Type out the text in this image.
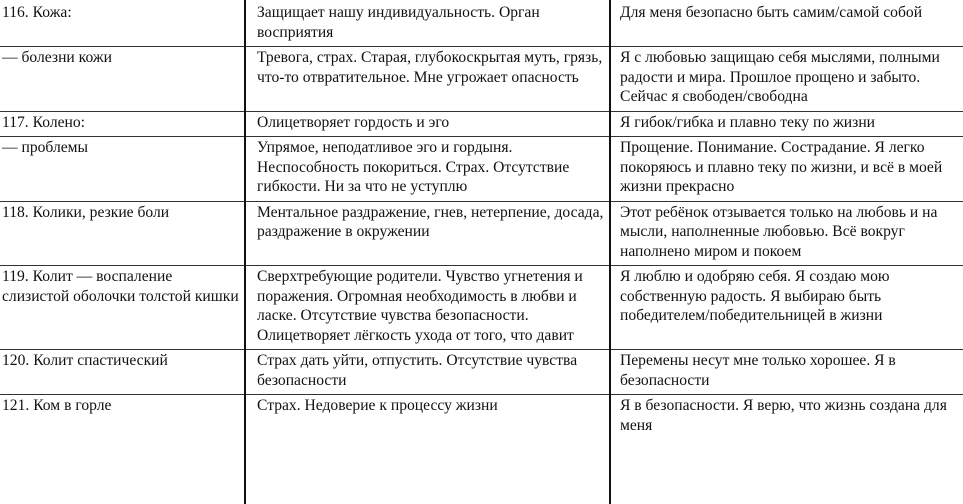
116. Кожа:	Защищает нашу индивидуальность. Орган восприятия	Для меня безопасно быть самим/самой собой
— болезни кожи	Тревога, страх. Старая, глубокоскрытая муть, грязь, что-то отвратительное. Мне угрожает опасность	Я с любовью защищаю себя мыслями, полными радости и мира. Прошлое прощено и забыто. Сейчас я свободен/свободна
117. Колено:	Олицетворяет гордость и эго	Я гибок/гибка и плавно теку по жизни
— проблемы	Упрямое, неподатливое эго и гордыня. Неспособность покориться. Страх. Отсутствие гибкости. Ни за что не уступлю	Прощение. Понимание. Сострадание. Я легко покоряюсь и плавно теку по жизни, и всё в моей жизни прекрасно
118. Колики, резкие боли	Ментальное раздражение, гнев, нетерпение, досада, раздражение в окружении	Этот ребёнок отзывается только на любовь и на мысли, наполненные любовью. Всё вокруг наполнено миром и покоем
119. Колит — воспаление слизистой оболочки толстой кишки	Сверхтребующие родители. Чувство угнетения и поражения. Огромная необходимость в любви и ласке. Отсутствие чувства безопасности. Олицетворяет лёгкость ухода от того, что давит	Я люблю и одобряю себя. Я создаю мою собственную радость. Я выбираю быть победителем/победительницей в жизни
120. Колит спастический	Страх дать уйти, отпустить. Отсутствие чувства безопасности	Перемены несут мне только хорошее. Я в безопасности
121. Ком в горле	Страх. Недоверие к процессу жизни	Я в безопасности. Я верю, что жизнь создана для меня
